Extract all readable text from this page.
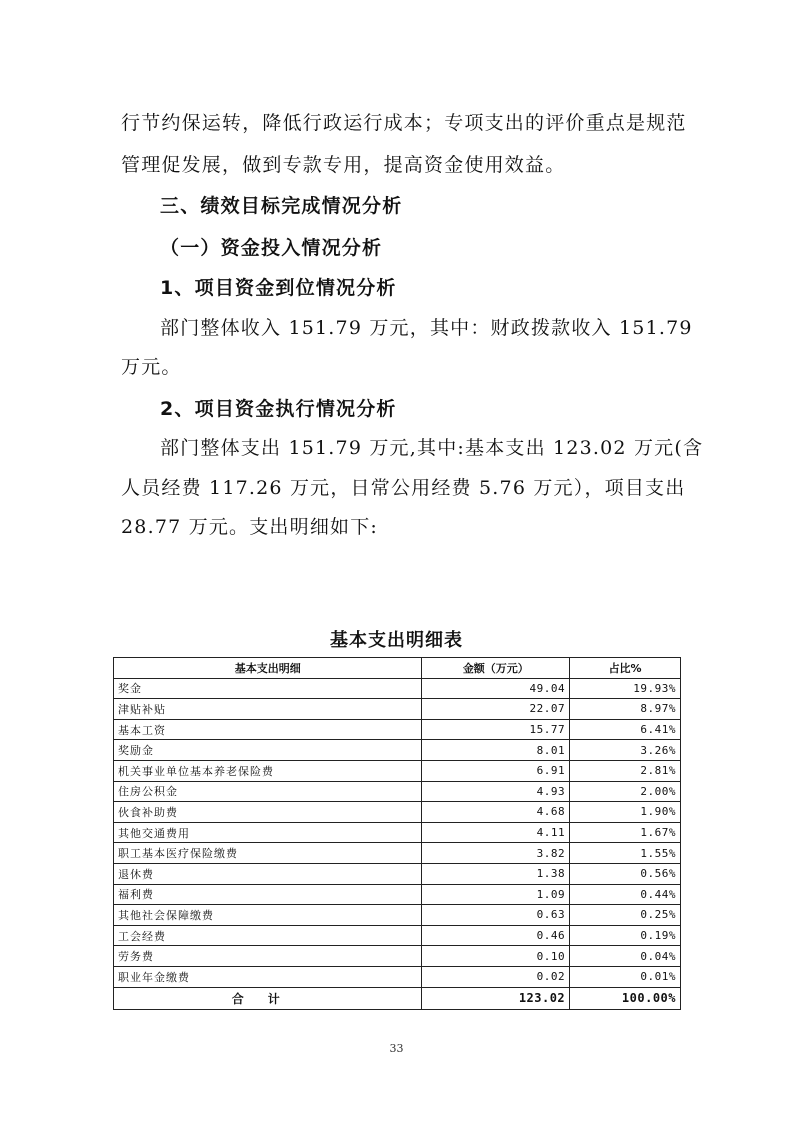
行节约保运转，降低行政运行成本；专项支出的评价重点是规范
管理促发展，做到专款专用，提高资金使用效益。
三、绩效目标完成情况分析
（一）资金投入情况分析
1、项目资金到位情况分析
部门整体收入 151.79 万元，其中：财政拨款收入 151.79
万元。
2、项目资金执行情况分析
部门整体支出 151.79 万元,其中:基本支出 123.02 万元(含
人员经费 117.26 万元，日常公用经费 5.76 万元），项目支出
28.77 万元。支出明细如下:
基本支出明细表
基本支出明细	金额（万元）	占比%
奖金	49.04	19.93%
津贴补贴	22.07	8.97%
基本工资	15.77	6.41%
奖励金	8.01	3.26%
机关事业单位基本养老保险费	6.91	2.81%
住房公积金	4.93	2.00%
伙食补助费	4.68	1.90%
其他交通费用	4.11	1.67%
职工基本医疗保险缴费	3.82	1.55%
退休费	1.38	0.56%
福利费	1.09	0.44%
其他社会保障缴费	0.63	0.25%
工会经费	0.46	0.19%
劳务费	0.10	0.04%
职业年金缴费	0.02	0.01%
合计	123.02	100.00%
33
